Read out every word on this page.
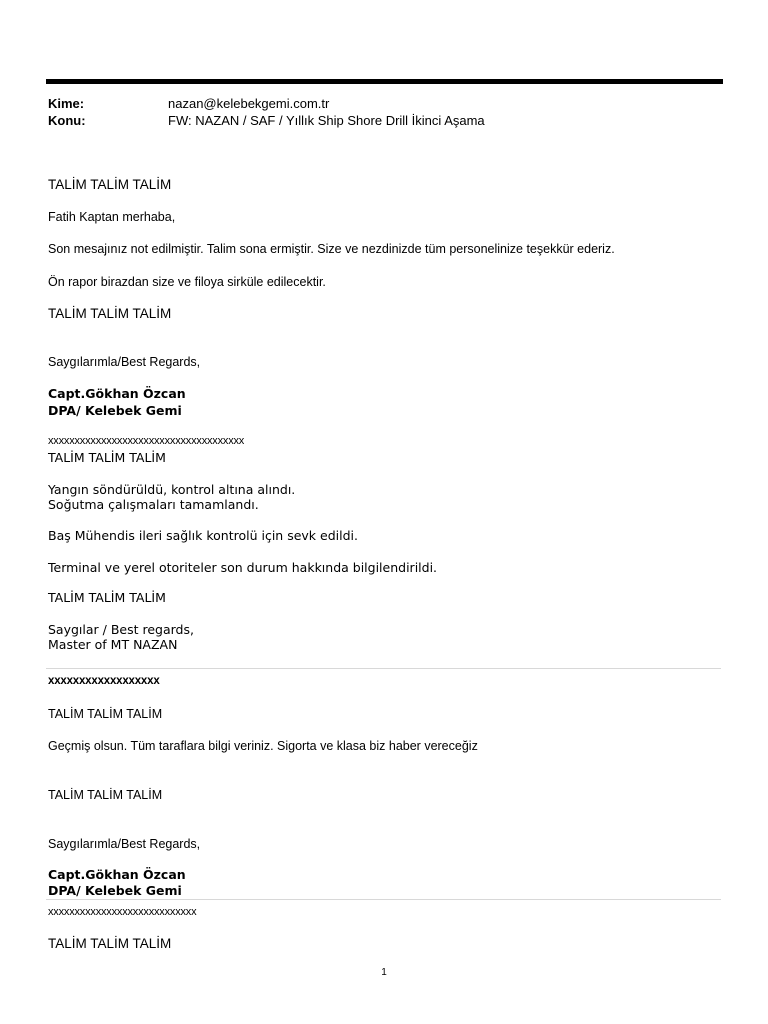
Kime:	nazan@kelebekgemi.com.tr
Konu:	FW: NAZAN / SAF / Yıllık Ship Shore Drill İkinci Aşama
TALİM TALİM TALİM
Fatih Kaptan merhaba,
Son mesajınız not edilmiştir. Talim sona ermiştir. Size ve nezdinizde tüm personelinize teşekkür ederiz.
Ön rapor birazdan size ve filoya sirküle edilecektir.
TALİM TALİM TALİM
Saygılarımla/Best Regards,
Capt.Gökhan Özcan
DPA/ Kelebek Gemi
xxxxxxxxxxxxxxxxxxxxxxxxxxxxxxxxxxxxx
TALİM TALİM TALİM
Yangın söndürüldü, kontrol altına alındı.
Soğutma çalışmaları tamamlandı.
Baş Mühendis ileri sağlık kontrolü için sevk edildi.
Terminal ve yerel otoriteler son durum hakkında bilgilendirildi.
TALİM TALİM TALİM
Saygılar / Best regards,
Master of MT NAZAN
xxxxxxxxxxxxxxxxxx
TALİM TALİM TALİM
Geçmiş olsun. Tüm taraflara bilgi veriniz. Sigorta ve klasa biz haber vereceğiz
TALİM TALİM TALİM
Saygılarımla/Best Regards,
Capt.Gökhan Özcan
DPA/ Kelebek Gemi
xxxxxxxxxxxxxxxxxxxxxxxxxxxx
TALİM TALİM TALİM
1
